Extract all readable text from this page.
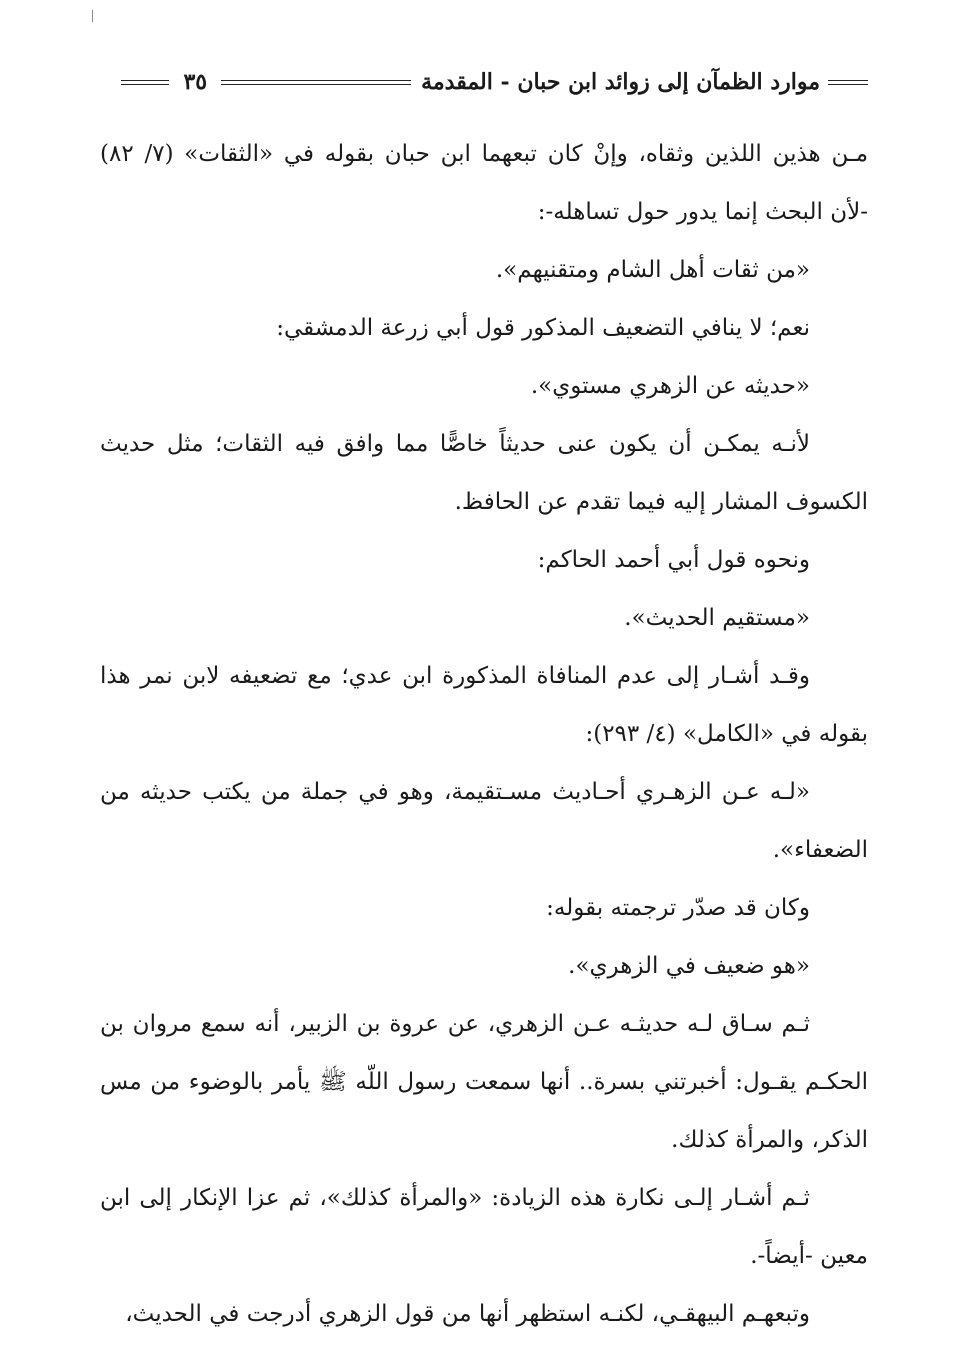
موارد الظمآن إلى زوائد ابن حبان - المقدمة
٣٥

مـن هذين اللذين وثقاه، وإنْ كان تبعهما ابن حبان بقوله في «الثقات» (٧/ ٨٢) -لأن البحث إنما يدور حول تساهله-:

«من ثقات أهل الشام ومتقنيهم».

نعم؛ لا ينافي التضعيف المذكور قول أبي زرعة الدمشقي:

«حديثه عن الزهري مستوي».

لأنـه يمكـن أن يكون عنى حديثاً خاصًّا مما وافق فيه الثقات؛ مثل حديث الكسوف المشار إليه فيما تقدم عن الحافظ.

ونحوه قول أبي أحمد الحاكم:

«مستقيم الحديث».

وقـد أشـار إلى عدم المنافاة المذكورة ابن عدي؛ مع تضعيفه لابن نمر هذا بقوله في «الكامل» (٤/ ٢٩٣):

«لـه عـن الزهـري أحـاديث مسـتقيمة، وهو في جملة من يكتب حديثه من الضعفاء».

وكان قد صدّر ترجمته بقوله:

«هو ضعيف في الزهري».

ثـم سـاق لـه حديثـه عـن الزهري، عن عروة بن الزبير، أنه سمع مروان بن الحكـم يقـول: أخبرتني بسرة.. أنها سمعت رسول اللّه ﷺ يأمر بالوضوء من مس الذكر، والمرأة كذلك.

ثـم أشـار إلـى نكارة هذه الزيادة: «والمرأة كذلك»، ثم عزا الإنكار إلى ابن معين -أيضاً-.

وتبعهـم البيهقـي، لكنـه استظهر أنها من قول الزهري أدرجت في الحديث،
